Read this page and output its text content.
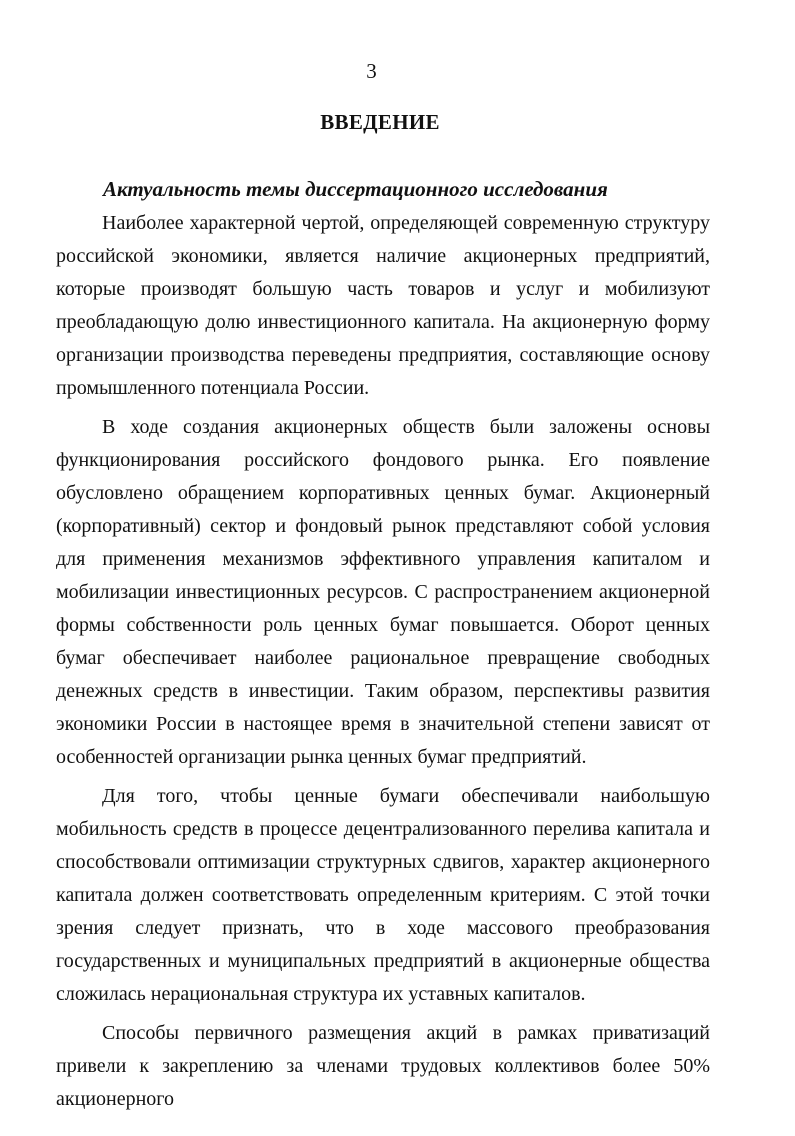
3
ВВЕДЕНИЕ
Актуальность темы диссертационного исследования

Наиболее характерной чертой, определяющей современную структуру российской экономики, является наличие акционерных предприятий, которые производят большую часть товаров и услуг и мобилизуют преобладающую долю инвестиционного капитала. На акционерную форму организации производства переведены предприятия, составляющие основу промышленного потенциала России.

В ходе создания акционерных обществ были заложены основы функционирования российского фондового рынка. Его появление обусловлено обращением корпоративных ценных бумаг. Акционерный (корпоративный) сектор и фондовый рынок представляют собой условия для применения механизмов эффективного управления капиталом и мобилизации инвестиционных ресурсов. С распространением акционерной формы собственности роль ценных бумаг повышается. Оборот ценных бумаг обеспечивает наиболее рациональное превращение свободных денежных средств в инвестиции. Таким образом, перспективы развития экономики России в настоящее время в значительной степени зависят от особенностей организации рынка ценных бумаг предприятий.

Для того, чтобы ценные бумаги обеспечивали наибольшую мобильность средств в процессе децентрализованного перелива капитала и способствовали оптимизации структурных сдвигов, характер акционерного капитала должен соответствовать определенным критериям. С этой точки зрения следует признать, что в ходе массового преобразования государственных и муниципальных предприятий в акционерные общества сложилась нерациональная структура их уставных капиталов.

Способы первичного размещения акций в рамках приватизаций привели к закреплению за членами трудовых коллективов более 50% акционерного
